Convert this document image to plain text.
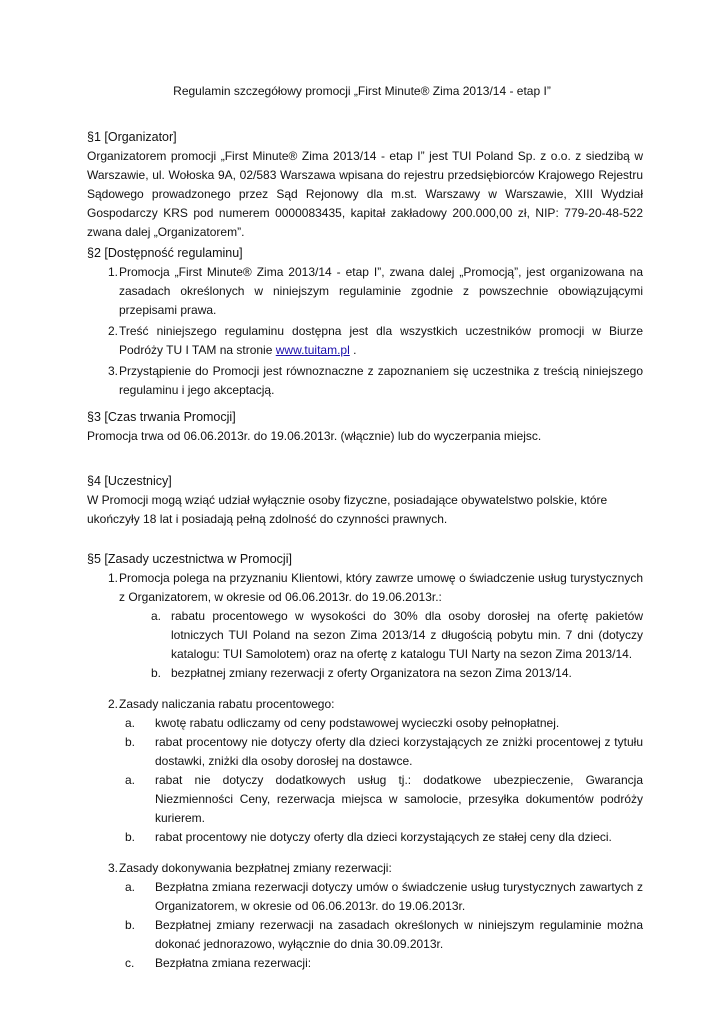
Regulamin szczegółowy promocji „First Minute® Zima 2013/14 - etap I”
§1 [Organizator]
Organizatorem promocji „First Minute® Zima 2013/14 - etap I” jest TUI Poland Sp. z o.o. z siedzibą w Warszawie, ul. Wołoska 9A, 02/583 Warszawa wpisana do rejestru przedsiębiorców Krajowego Rejestru Sądowego prowadzonego przez Sąd Rejonowy dla m.st. Warszawy w Warszawie, XIII Wydział Gospodarczy KRS pod numerem 0000083435, kapitał zakładowy 200.000,00 zł, NIP: 779-20-48-522 zwana dalej „Organizatorem”.
§2 [Dostępność regulaminu]
1. Promocja „First Minute® Zima 2013/14 - etap I”, zwana dalej „Promocją”, jest organizowana na zasadach określonych w niniejszym regulaminie zgodnie z powszechnie obowiązującymi przepisami prawa.
2. Treść niniejszego regulaminu dostępna jest dla wszystkich uczestników promocji w Biurze Podróży TU I TAM na stronie www.tuitam.pl .
3. Przystąpienie do Promocji jest równoznaczne z zapoznaniem się uczestnika z treścią niniejszego regulaminu i jego akceptacją.
§3 [Czas trwania Promocji]
Promocja trwa od 06.06.2013r. do 19.06.2013r. (włącznie) lub do wyczerpania miejsc.
§4 [Uczestnicy]
W Promocji mogą wziąć udział wyłącznie osoby fizyczne, posiadające obywatelstwo polskie, które ukończyły 18 lat i posiadają pełną zdolność do czynności prawnych.
§5 [Zasady uczestnictwa w Promocji]
1. Promocja polega na przyznaniu Klientowi, który zawrze umowę o świadczenie usług turystycznych z Organizatorem, w okresie od 06.06.2013r. do 19.06.2013r.:
a. rabatu procentowego w wysokości do 30% dla osoby dorosłej na ofertę pakietów lotniczych TUI Poland na sezon Zima 2013/14 z długością pobytu min. 7 dni (dotyczy katalogu: TUI Samolotem) oraz na ofertę z katalogu TUI Narty na sezon Zima 2013/14.
b. bezpłatnej zmiany rezerwacji z oferty Organizatora na sezon Zima 2013/14.
2. Zasady naliczania rabatu procentowego:
a. kwotę rabatu odliczamy od ceny podstawowej wycieczki osoby pełnopłatnej.
b. rabat procentowy nie dotyczy oferty dla dzieci korzystających ze zniżki procentowej z tytułu dostawki, zniżki dla osoby dorosłej na dostawce.
a. rabat nie dotyczy dodatkowych usług tj.: dodatkowe ubezpieczenie, Gwarancja Niezmienności Ceny, rezerwacja miejsca w samolocie, przesyłka dokumentów podróży kurierem.
b. rabat procentowy nie dotyczy oferty dla dzieci korzystających ze stałej ceny dla dzieci.
3. Zasady dokonywania bezpłatnej zmiany rezerwacji:
a. Bezpłatna zmiana rezerwacji dotyczy umów o świadczenie usług turystycznych zawartych z Organizatorem, w okresie od 06.06.2013r. do 19.06.2013r.
b. Bezpłatnej zmiany rezerwacji na zasadach określonych w niniejszym regulaminie można dokonać jednorazowo, wyłącznie do dnia 30.09.2013r.
c. Bezpłatna zmiana rezerwacji:
